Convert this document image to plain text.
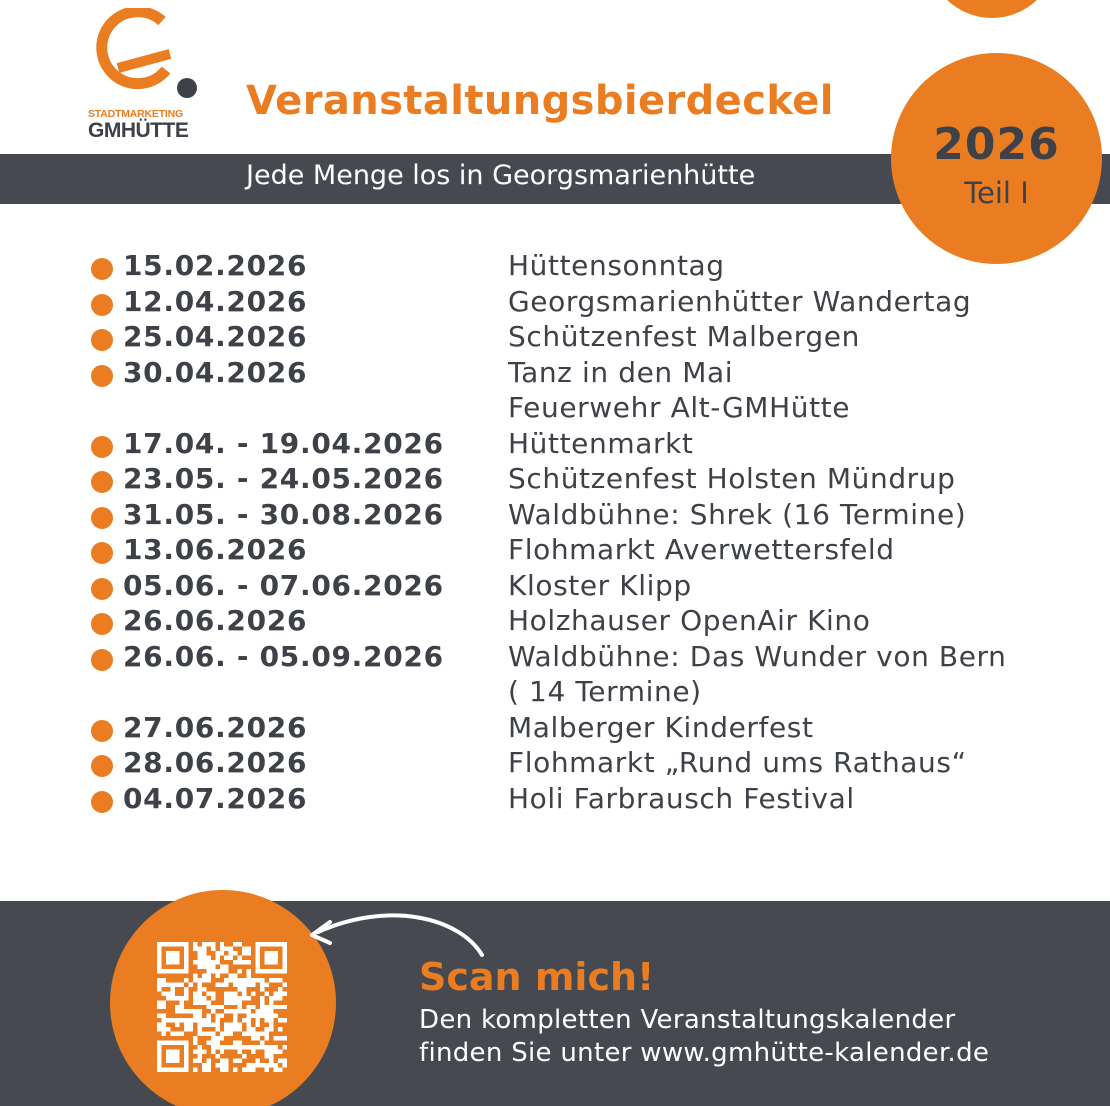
STADTMARKETING
GMHÜTTE
Veranstaltungsbierdeckel
Jede Menge los in Georgsmarienhütte
2026
Teil I
15.02.2026	Hüttensonntag
12.04.2026	Georgsmarienhütter Wandertag
25.04.2026	Schützenfest Malbergen
30.04.2026	Tanz in den Mai
Feuerwehr Alt-GMHütte
17.04. - 19.04.2026 Hüttenmarkt
23.05. - 24.05.2026 Schützenfest Holsten Mündrup
31.05. - 30.08.2026 Waldbühne: Shrek (16 Termine)
13.06.2026	Flohmarkt Averwettersfeld
05.06. - 07.06.2026 Kloster Klipp
26.06.2026	Holzhauser OpenAir Kino
26.06. - 05.09.2026 Waldbühne: Das Wunder von Bern
( 14 Termine)
27.06.2026	Malberger Kinderfest
28.06.2026	Flohmarkt „Rund ums Rathaus“
04.07.2026	Holi Farbrausch Festival
Scan mich!
Den kompletten Veranstaltungskalender
finden Sie unter www.gmhütte-kalender.de
